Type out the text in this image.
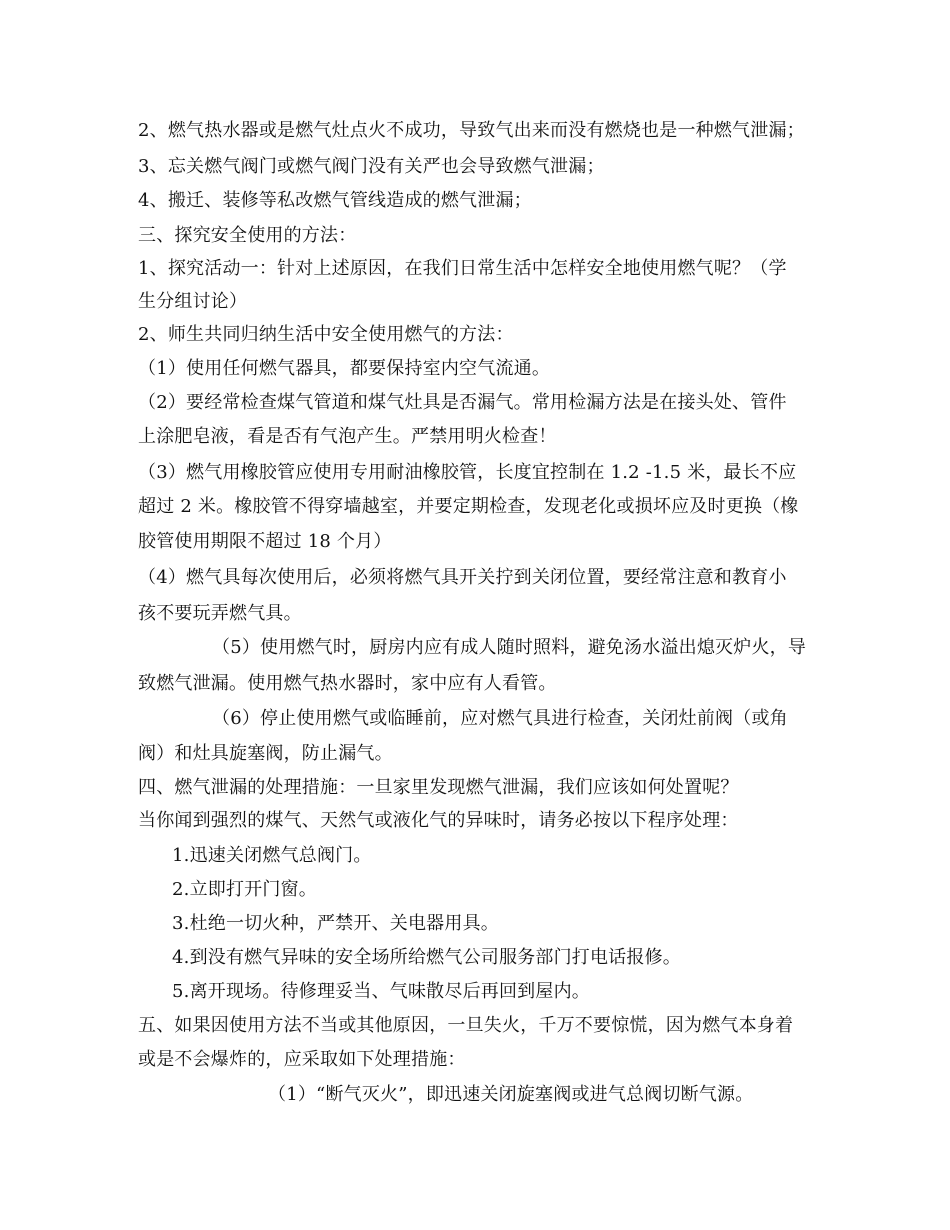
2、燃气热水器或是燃气灶点火不成功，导致气出来而没有燃烧也是一种燃气泄漏；
3、忘关燃气阀门或燃气阀门没有关严也会导致燃气泄漏；
4、搬迁、装修等私改燃气管线造成的燃气泄漏；
三、探究安全使用的方法：
1、探究活动一：针对上述原因，在我们日常生活中怎样安全地使用燃气呢？（学
生分组讨论）
2、师生共同归纳生活中安全使用燃气的方法：
（1）使用任何燃气器具，都要保持室内空气流通。
（2）要经常检查煤气管道和煤气灶具是否漏气。常用检漏方法是在接头处、管件
上涂肥皂液，看是否有气泡产生。严禁用明火检查！
（3）燃气用橡胶管应使用专用耐油橡胶管，长度宜控制在 1.2 -1.5 米，最长不应
超过 2 米。橡胶管不得穿墙越室，并要定期检查，发现老化或损坏应及时更换（橡
胶管使用期限不超过 18 个月）
（4）燃气具每次使用后，必须将燃气具开关拧到关闭位置，要经常注意和教育小
孩不要玩弄燃气具。
（5）使用燃气时，厨房内应有成人随时照料，避免汤水溢出熄灭炉火，导
致燃气泄漏。使用燃气热水器时，家中应有人看管。
（6）停止使用燃气或临睡前，应对燃气具进行检查，关闭灶前阀（或角
阀）和灶具旋塞阀，防止漏气。
四、燃气泄漏的处理措施：一旦家里发现燃气泄漏，我们应该如何处置呢？
当你闻到强烈的煤气、天然气或液化气的异味时，请务必按以下程序处理：
1.迅速关闭燃气总阀门。
2.立即打开门窗。
3.杜绝一切火种，严禁开、关电器用具。
4.到没有燃气异味的安全场所给燃气公司服务部门打电话报修。
5.离开现场。待修理妥当、气味散尽后再回到屋内。
五、如果因使用方法不当或其他原因，一旦失火，千万不要惊慌，因为燃气本身着
或是不会爆炸的，应采取如下处理措施：
（1）“断气灭火”，即迅速关闭旋塞阀或进气总阀切断气源。
